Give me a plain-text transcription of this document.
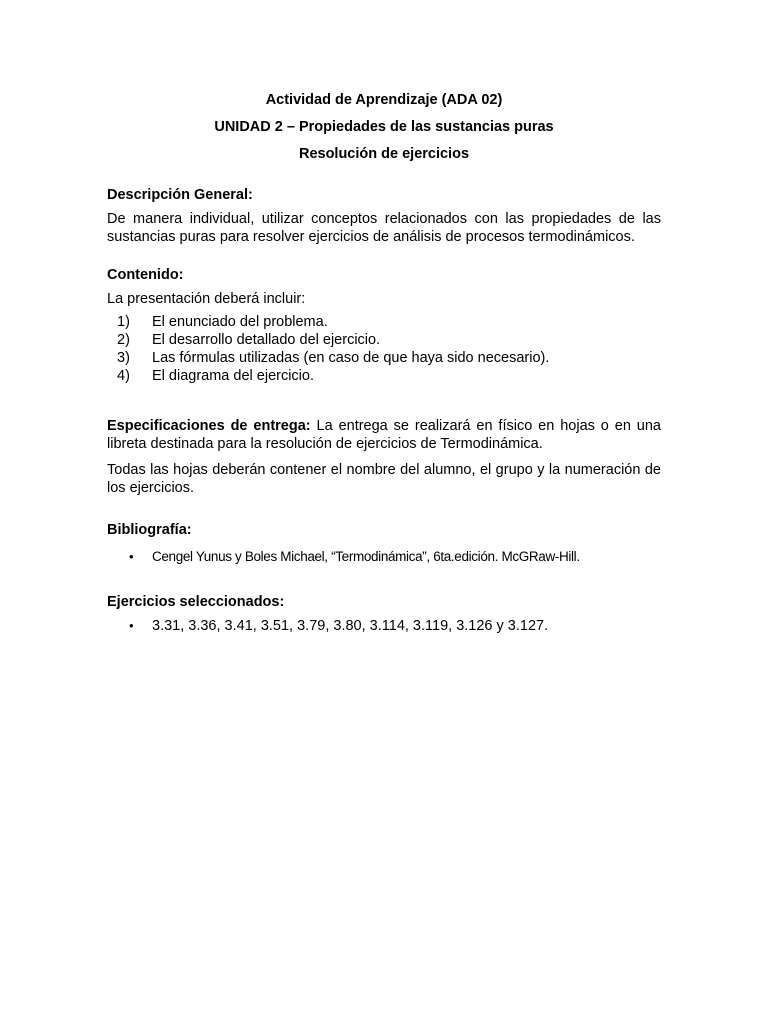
Actividad de Aprendizaje (ADA 02)
UNIDAD 2 – Propiedades de las sustancias puras
Resolución de ejercicios

Descripción General:

De manera individual, utilizar conceptos relacionados con las propiedades de las sustancias puras para resolver ejercicios de análisis de procesos termodinámicos.

Contenido:

La presentación deberá incluir:

1) El enunciado del problema.
2) El desarrollo detallado del ejercicio.
3) Las fórmulas utilizadas (en caso de que haya sido necesario).
4) El diagrama del ejercicio.

Especificaciones de entrega: La entrega se realizará en físico en hojas o en una libreta destinada para la resolución de ejercicios de Termodinámica.

Todas las hojas deberán contener el nombre del alumno, el grupo y la numeración de los ejercicios.

Bibliografía:

• Cengel Yunus y Boles Michael, “Termodinámica”, 6ta.edición. McGRaw-Hill.

Ejercicios seleccionados:

• 3.31, 3.36, 3.41, 3.51, 3.79, 3.80, 3.114, 3.119, 3.126 y 3.127.
